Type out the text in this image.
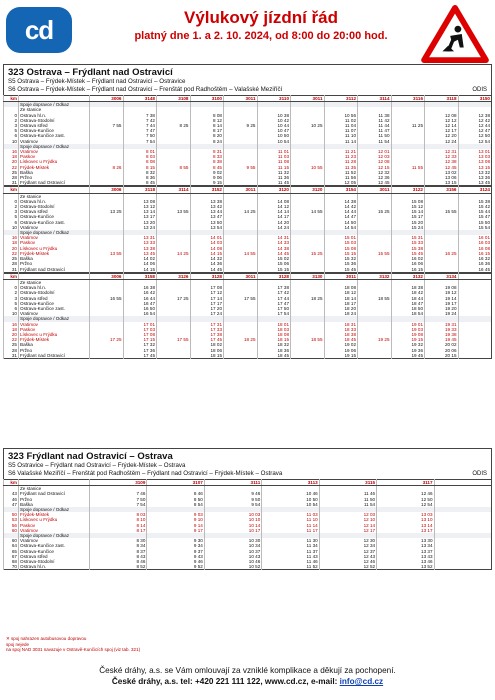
cd	Výlukový jízdní řád
platný dne 1. a 2. 10. 2024, od 8:00 do 20:00 hod.
323 Ostrava – Frýdlant nad Ostravicí
S5 Ostrava – Frýdek-Místek – Frýdlant nad Ostravicí – Ostravice
S6 Ostrava – Frýdek-Místek – Frýdlant nad Ostravicí – Frenštát pod Radhoštěm – Valašské Meziříčí	ODIS
km		3006	3148	3108	3100	3011	3110	3011	3112	3114	3116	3118	3150
	Spoje dopravce / Odkaz												
	Ze stanice												
0	Ostrava hl.n.		7 38		8 08		10 38		10 56	11 38		12 08	12 38
2	Ostrava-Stodolní		7 42		8 12		10 42		11 02	11 42		12 12	12 42
3	Ostrava střed	7 55	7 44	8 25	8 14	9 25	10 44	10 25	11 04	11 44	11 25	12 14	12 44
5	Ostrava-Kunčice		7 47		8 17		10 47		11 07	11 47		12 17	12 47
6	Ostrava-Kunčice zast.		7 50		8 20		10 50		11 10	11 50		12 20	12 50
10	Vratimov		7 54		8 24		10 54		11 14	11 54		12 24	12 54
	Spoje dopravce / Odkaz												
16	Vratimov		8 01		8 31		11 01		11 21	12 01		12 31	13 01
18	Paskov		8 03		8 33		11 03		11 23	12 03		12 33	13 03
20	Lískovec u Frýdku		8 08		8 38		11 08		11 28	12 08		12 38	13 08
22	Frýdek-Místek	8 26	8 15	8 55	8 45	9 55	11 15	10 55	11 35	12 15	11 55	12 45	13 15
25	Baška		8 32		9 02		11 32		11 52	12 32		13 02	13 32
28	Pržno		8 36		9 06		11 36		11 56	12 36		13 06	13 36
31	Frýdlant nad Ostravicí		8 45		9 15		11 45		12 05	12 45		13 15	13 45
km		3006	3118	3114	3152	3011	3120	3120	3154	3011	3122	3156	3124
	Ze stanice												
0	Ostrava hl.n.		13 08		13 38		14 08		14 38		15 08		15 38
2	Ostrava-Stodolní		13 12		13 42		14 12		14 42		15 12		15 42
3	Ostrava střed	13 25	13 14	13 55	13 44	14 25	14 14	14 55	14 44	15 25	15 14	15 55	15 44
5	Ostrava-Kunčice		13 17		13 47		14 17		14 47		15 17		15 47
6	Ostrava-Kunčice zast.		13 20		13 50		14 20		14 50		15 20		15 50
10	Vratimov		13 24		13 54		14 24		14 54		15 24		15 54
	Spoje dopravce / Odkaz												
16	Vratimov		13 31		14 01		14 31		15 01		15 31		16 01
18	Paskov		13 33		14 03		14 33		15 03		15 33		16 03
20	Lískovec u Frýdku		13 38		14 08		14 38		15 08		15 38		16 08
22	Frýdek-Místek	13 55	13 45	14 25	14 15	14 55	14 45	15 25	15 15	15 55	15 45	16 25	16 15
25	Baška		14 02		14 32		15 02		15 32		16 02		16 32
28	Pržno		14 06		14 36		15 06		15 36		16 06		16 36
31	Frýdlant nad Ostravicí		14 15		14 45		15 15		15 45		16 15		16 45
km		3006	3158	3126	3128	3011	3128	3130	3011	3132	3132	3134	
	Ze stanice												
0	Ostrava hl.n.		16 38		17 08		17 38		18 08		18 38	19 08	
2	Ostrava-Stodolní		16 42		17 12		17 42		18 12		18 42	19 12	
3	Ostrava střed	16 55	16 44	17 25	17 14	17 55	17 44	18 25	18 14	18 55	18 44	19 14	
5	Ostrava-Kunčice		16 47		17 17		17 47		18 17		18 47	19 17	
6	Ostrava-Kunčice zast.		16 50		17 20		17 50		18 20		18 50	19 20	
10	Vratimov		16 54		17 24		17 54		18 24		18 54	19 24	
	Spoje dopravce / Odkaz												
16	Vratimov		17 01		17 31		18 01		18 31		19 01	19 31	
18	Paskov		17 03		17 33		18 03		18 33		19 03	19 33	
20	Lískovec u Frýdku		17 08		17 38		18 08		18 38		19 08	19 38	
22	Frýdek-Místek	17 25	17 15	17 55	17 45	18 25	18 15	18 55	18 45	19 25	19 15	19 45	
25	Baška		17 32		18 02		18 32		19 02		19 32	20 02	
28	Pržno		17 36		18 06		18 36		19 06		19 36	20 06	
31	Frýdlant nad Ostravicí		17 45		18 15		18 45		19 15		19 45	20 15	
323 Frýdlant nad Ostravicí – Ostrava
S5 Ostravice – Frýdlant nad Ostravicí – Frýdek-Místek – Ostrava
S6 Valašské Meziříčí – Frenštát pod Radhoštěm – Frýdlant nad Ostravicí – Frýdek-Místek – Ostrava	ODIS
km		3109	3107	3111	3113	3115	3117	
	Ze stanice							
43	Frýdlant nad Ostravicí	7 46	8 46	9 46	10 46	11 46	12 46	
46	Pržno	7 50	8 50	9 50	10 50	11 50	12 50	
47	Baška	7 54	8 54	9 54	10 54	11 54	12 54	
	Spoje dopravce / Odkaz							
50	Frýdek-Místek	8 03	9 03	10 03	11 03	12 03	13 03	
53	Lískovec u Frýdku	8 10	9 10	10 10	11 10	12 10	13 10	
56	Paskov	8 14	9 14	10 14	11 14	12 14	13 14	
60	Vratimov	8 17	9 17	10 17	11 17	12 17	13 17	
	Spoje dopravce / Odkaz							
60	Vratimov	8 30	9 30	10 30	11 30	12 30	13 30	
64	Ostrava-Kunčice zast.	8 34	9 34	10 34	11 34	12 34	13 34	
65	Ostrava-Kunčice	8 37	9 37	10 37	11 37	12 37	13 37	
67	Ostrava střed	8 43	9 43	10 43	11 43	12 43	13 43	
68	Ostrava-Stodolní	8 46	9 46	10 46	11 46	12 46	13 46	
70	Ostrava hl.n.	8 52	9 52	10 52	11 52	12 52	13 52	
✕ spoj nahrazen autobusovou dopravou
spoj nejede
na spoj NAD 3031 navazuje v Ostravě-Kunčicích spoj (viz tab. 321)
České dráhy, a.s. se Vám omlouvají za vzniklé komplikace a děkují za pochopení.
České dráhy, a.s. tel: +420 221 111 122, www.cd.cz, e-mail: info@cd.cz
